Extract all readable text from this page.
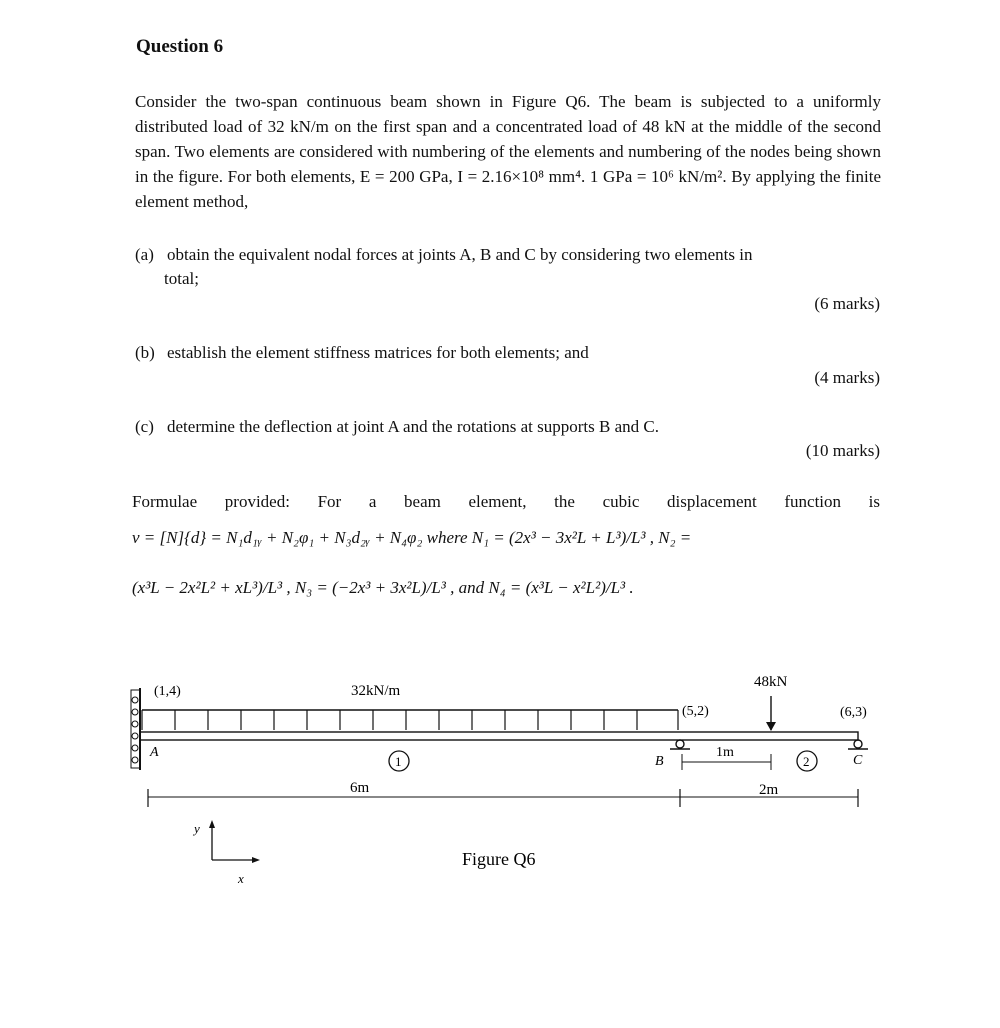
Question 6
Consider the two-span continuous beam shown in Figure Q6. The beam is subjected to a uniformly distributed load of 32 kN/m on the first span and a concentrated load of 48 kN at the middle of the second span. Two elements are considered with numbering of the elements and numbering of the nodes being shown in the figure. For both elements, E = 200 GPa, I = 2.16×10⁸ mm⁴. 1 GPa = 10⁶ kN/m². By applying the finite element method,
(a) obtain the equivalent nodal forces at joints A, B and C by considering two elements in
total;
(6 marks)
(b) establish the element stiffness matrices for both elements; and
(4 marks)
(c) determine the deflection at joint A and the rotations at supports B and C.
(10 marks)
Formulae provided: For a beam element, the cubic displacement function is
v = [N]{d} = N₁d₁ᵧ + N₂φ₁ + N₃d₂ᵧ + N₄φ₂ where N₁ = (2x³ − 3x²L + L³)/L³ , N₂ =
(x³L − 2x²L² + xL³)/L³ , N₃ = (−2x³ + 3x²L)/L³ , and N₄ = (x³L − x²L²)/L³ .
(1,4)	32kN/m
48kN
(5,2)	(6,3)
A
B	C
1	2
1m
6m	2m
y
x
Figure Q6
